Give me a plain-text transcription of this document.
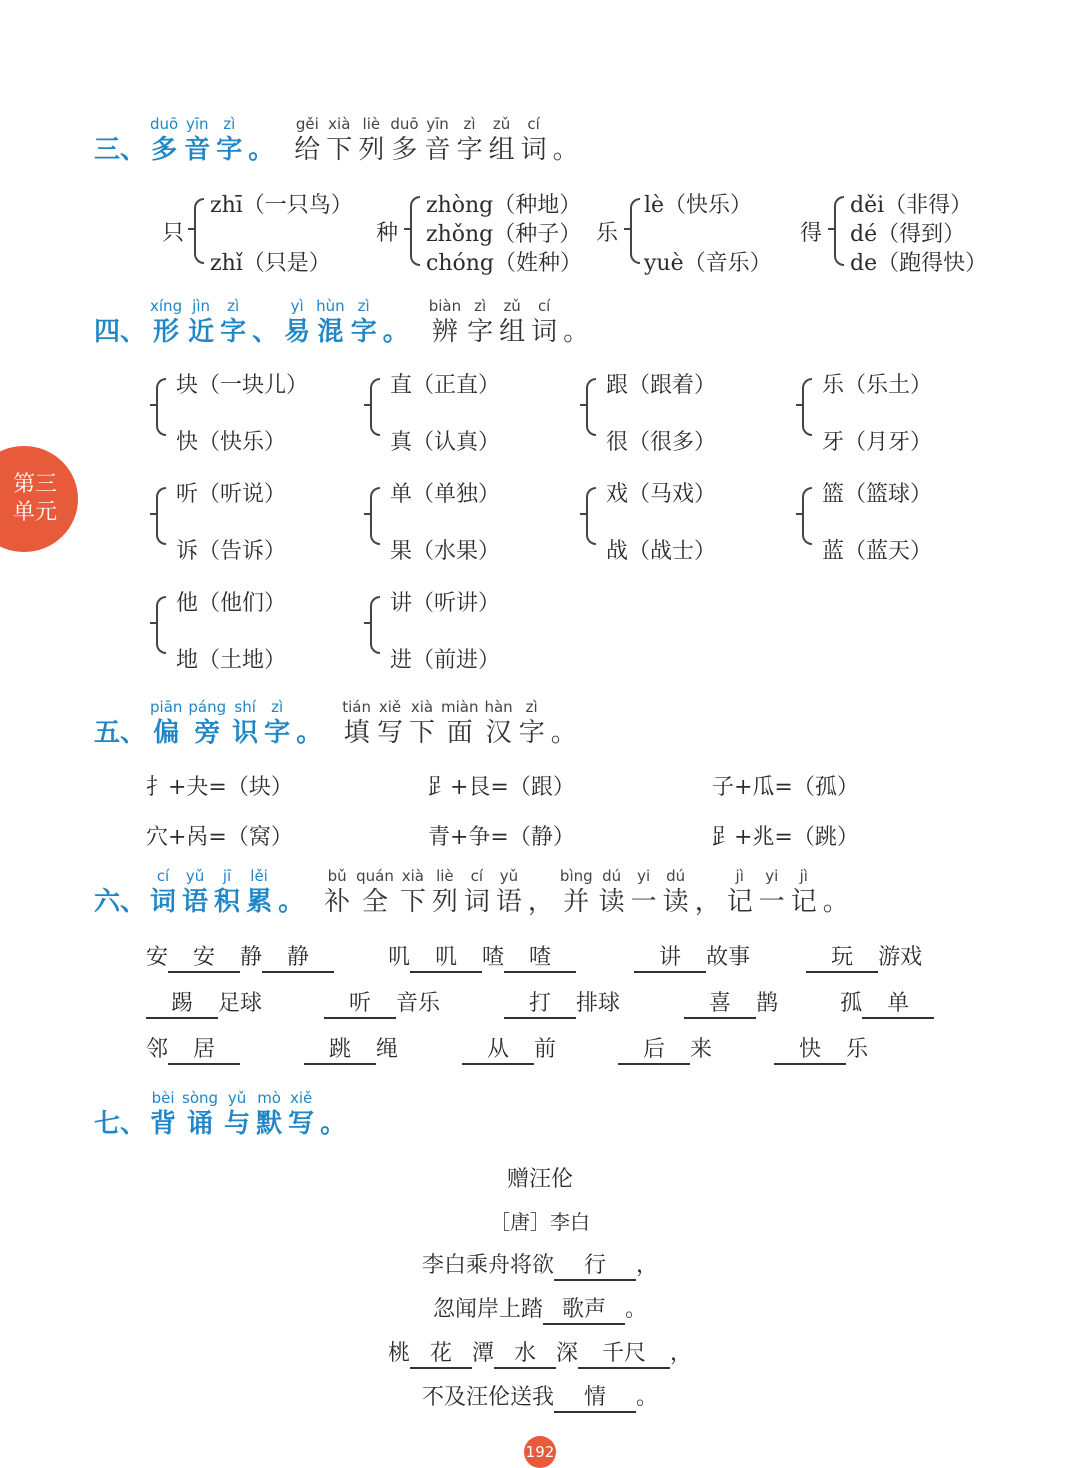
第三
单元
三、
duō
多
yīn
音
zì
字 。
gěi
给
xià
下
liè
列
duō
多
yīn
音
zì
字
zǔ
组
cí
词 。
只
zhī（一只鸟）
zhǐ（只是）
种
zhòng（种地）
zhǒng（种子）
chóng（姓种）
乐
lè（快乐）
yuè（音乐）
得
děi（非得）
dé（得到）
de（跑得快）
四、
xíng
形
jìn
近
zì
字 、
yì
易
hùn
混
zì
字 。
biàn
辨
zì
字
zǔ
组
cí
词 。
块（一块儿）
快（快乐）
直（正直）
真（认真）
跟（跟着）
很（很多）
乐（乐土）
牙（月牙）
听（听说）
诉（告诉）
单（单独）
果（水果）
戏（马戏）
战（战士）
篮（篮球）
蓝（蓝天）
他（他们）
地（土地）
讲（听讲）
进（前进）
五、
piān
偏
páng
旁
shí
识
zì
字 。
tián
填
xiě
写
xià
下
miàn
面
hàn
汉
zì
字 。
扌+夬=（块）	𧾷+艮=（跟）	子+瓜=（孤）
穴+呙=（窝）	青+争=（静）	𧾷+兆=（跳）
六、
cí
词
yǔ
语
jī
积
lěi
累 。
bǔ
补
quán
全
xià
下
liè
列
cí
词
yǔ
语 ，
bìng
并
dú
读
yi
一
dú
读 ，
jì
记
yi
一
jì
记 。
安 安 静 静	叽 叽 喳 喳	讲 故事	玩 游戏
踢 足球	听 音乐	打 排球	喜 鹊	孤 单
邻 居	跳 绳	从 前	后 来	快 乐
七、
bèi
背
sòng
诵
yǔ
与
mò
默
xiě
写 。
赠汪伦
［唐］李白
李白乘舟将欲 行 ，
忽闻岸上踏 歌声 。
桃 花 潭 水 深 千尺 ，
不及汪伦送我 情 。
192
